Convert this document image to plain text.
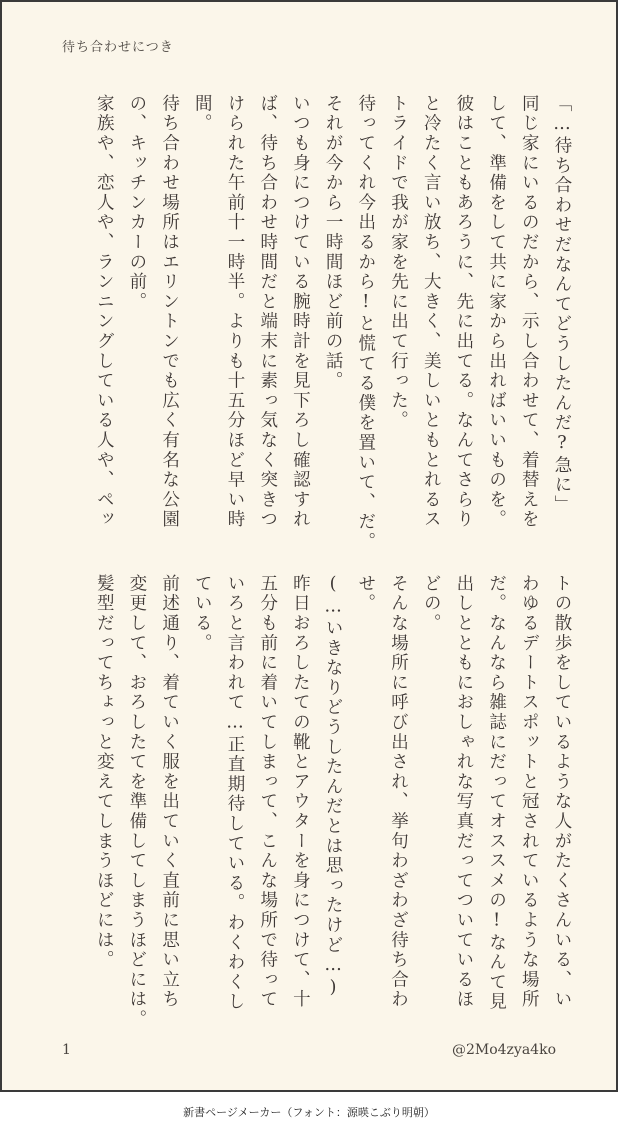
待ち合わせにつき
「…待ち合わせだなんてどうしたんだ?急に」
同じ家にいるのだから、示し合わせて、着替えを
して、準備をして共に家から出ればいいものを。
彼はこともあろうに、先に出てる。なんてさらり
と冷たく言い放ち、大きく、美しいともとれるス
トライドで我が家を先に出て行った。
待ってくれ今出るから!と慌てる僕を置いて、だ。
それが今から一時間ほど前の話。
いつも身につけている腕時計を見下ろし確認すれ
ば、待ち合わせ時間だと端末に素っ気なく突きつ
けられた午前十一時半。よりも十五分ほど早い時
間。
待ち合わせ場所はエリントンでも広く有名な公園
の、キッチンカーの前。
家族や、恋人や、ランニングしている人や、ペッ
トの散歩をしているような人がたくさんいる、い
わゆるデートスポットと冠されているような場所
だ。なんなら雑誌にだってオススメの!なんて見
出しとともにおしゃれな写真だってついているほ
どの。
そんな場所に呼び出され、挙句わざわざ待ち合わ
せ。
(…いきなりどうしたんだとは思ったけど…)
昨日おろしたての靴とアウターを身につけて、十
五分も前に着いてしまって、こんな場所で待って
いろと言われて…正直期待している。わくわくし
ている。
前述通り、着ていく服を出ていく直前に思い立ち
変更して、おろしたてを準備してしまうほどには。
髪型だってちょっと変えてしまうほどには。
1	@2Mo4zya4ko
新書ページメーカー（フォント：源暎こぶり明朝）
